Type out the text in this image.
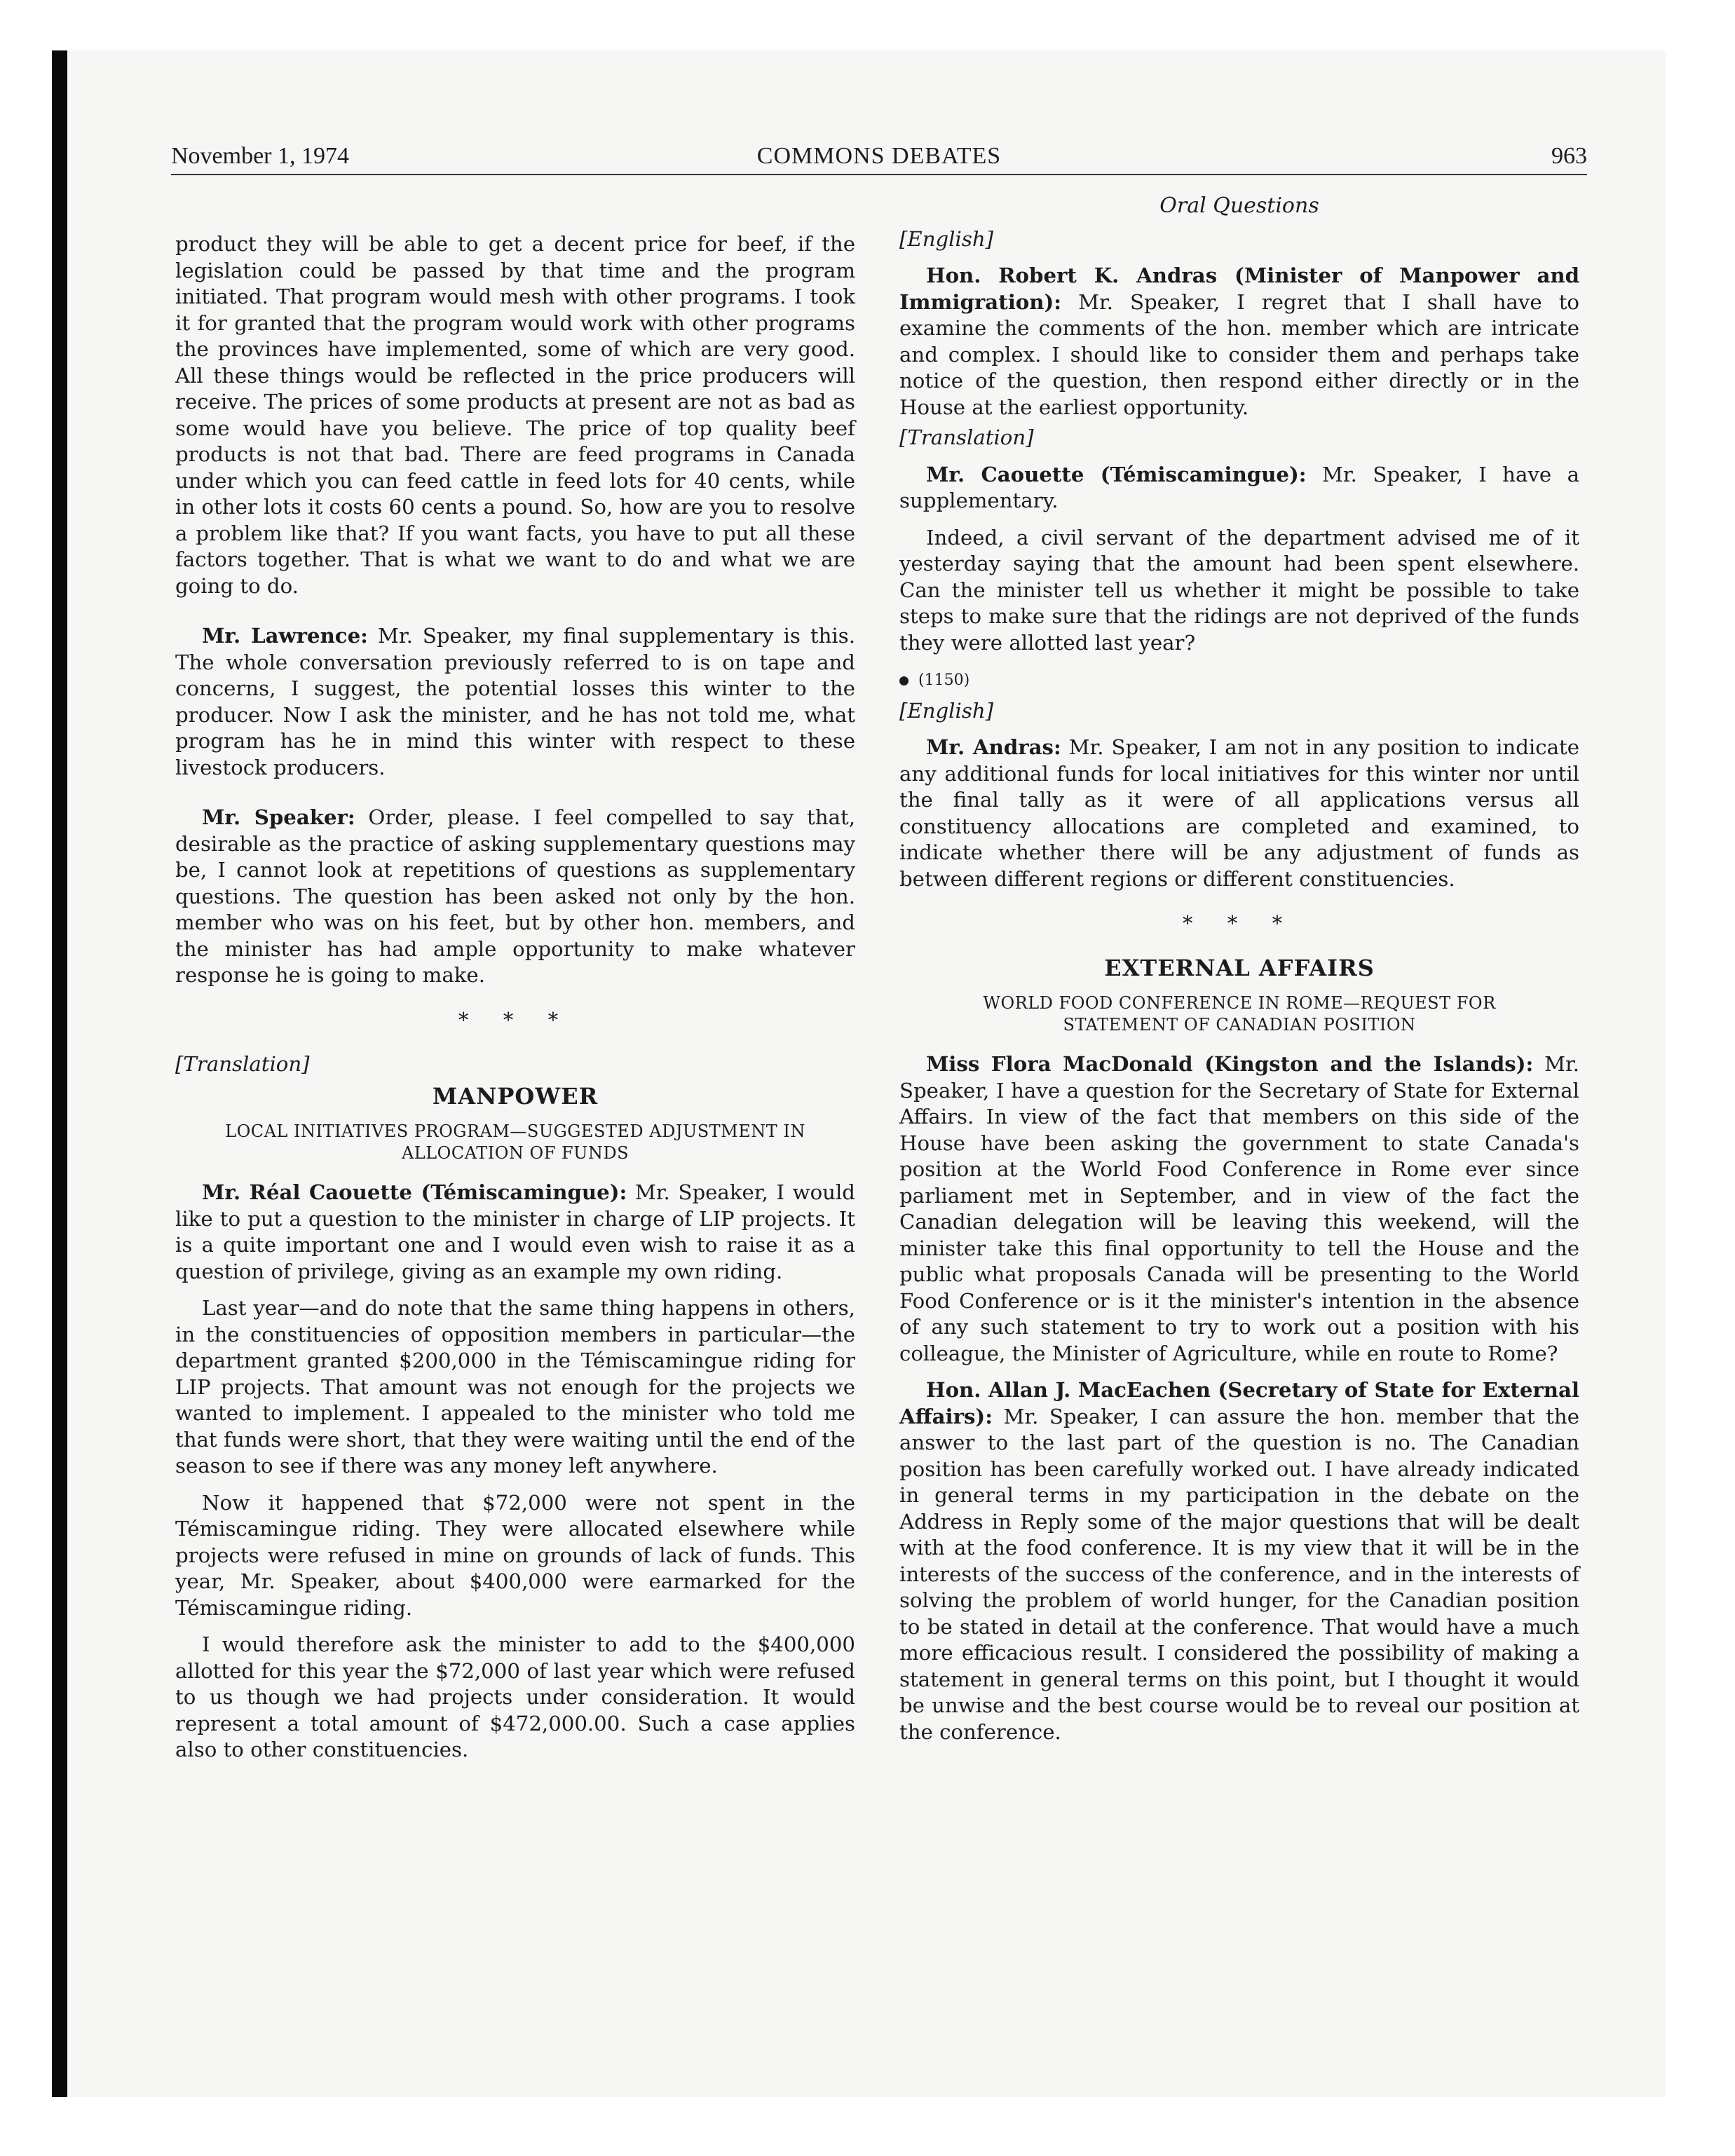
November 1, 1974	COMMONS DEBATES	963

product they will be able to get a decent price for beef, if the legislation could be passed by that time and the program initiated. That program would mesh with other programs. I took it for granted that the program would work with other programs the provinces have implemented, some of which are very good. All these things would be reflected in the price producers will receive. The prices of some products at present are not as bad as some would have you believe. The price of top quality beef products is not that bad. There are feed programs in Canada under which you can feed cattle in feed lots for 40 cents, while in other lots it costs 60 cents a pound. So, how are you to resolve a problem like that? If you want facts, you have to put all these factors together. That is what we want to do and what we are going to do.

Mr. Lawrence: Mr. Speaker, my final supplementary is this. The whole conversation previously referred to is on tape and concerns, I suggest, the potential losses this winter to the producer. Now I ask the minister, and he has not told me, what program has he in mind this winter with respect to these livestock producers.

Mr. Speaker: Order, please. I feel compelled to say that, desirable as the practice of asking supplementary questions may be, I cannot look at repetitions of questions as supplementary questions. The question has been asked not only by the hon. member who was on his feet, but by other hon. members, and the minister has had ample opportunity to make whatever response he is going to make.

* * *

[Translation]

MANPOWER

LOCAL INITIATIVES PROGRAM—SUGGESTED ADJUSTMENT IN ALLOCATION OF FUNDS

Mr. Réal Caouette (Témiscamingue): Mr. Speaker, I would like to put a question to the minister in charge of LIP projects. It is a quite important one and I would even wish to raise it as a question of privilege, giving as an example my own riding.

Last year—and do note that the same thing happens in others, in the constituencies of opposition members in particular—the department granted $200,000 in the Témiscamingue riding for LIP projects. That amount was not enough for the projects we wanted to implement. I appealed to the minister who told me that funds were short, that they were waiting until the end of the season to see if there was any money left anywhere.

Now it happened that $72,000 were not spent in the Témiscamingue riding. They were allocated elsewhere while projects were refused in mine on grounds of lack of funds. This year, Mr. Speaker, about $400,000 were earmarked for the Témiscamingue riding.

I would therefore ask the minister to add to the $400,000 allotted for this year the $72,000 of last year which were refused to us though we had projects under consideration. It would represent a total amount of $472,000.00. Such a case applies also to other constituencies.

Oral Questions

[English]

Hon. Robert K. Andras (Minister of Manpower and Immigration): Mr. Speaker, I regret that I shall have to examine the comments of the hon. member which are intricate and complex. I should like to consider them and perhaps take notice of the question, then respond either directly or in the House at the earliest opportunity.

[Translation]

Mr. Caouette (Témiscamingue): Mr. Speaker, I have a supplementary.

Indeed, a civil servant of the department advised me of it yesterday saying that the amount had been spent elsewhere. Can the minister tell us whether it might be possible to take steps to make sure that the ridings are not deprived of the funds they were allotted last year?

(1150)

[English]

Mr. Andras: Mr. Speaker, I am not in any position to indicate any additional funds for local initiatives for this winter nor until the final tally as it were of all applications versus all constituency allocations are completed and examined, to indicate whether there will be any adjustment of funds as between different regions or different constituencies.

* * *

EXTERNAL AFFAIRS

WORLD FOOD CONFERENCE IN ROME—REQUEST FOR STATEMENT OF CANADIAN POSITION

Miss Flora MacDonald (Kingston and the Islands): Mr. Speaker, I have a question for the Secretary of State for External Affairs. In view of the fact that members on this side of the House have been asking the government to state Canada's position at the World Food Conference in Rome ever since parliament met in September, and in view of the fact the Canadian delegation will be leaving this weekend, will the minister take this final opportunity to tell the House and the public what proposals Canada will be presenting to the World Food Conference or is it the minister's intention in the absence of any such statement to try to work out a position with his colleague, the Minister of Agriculture, while en route to Rome?

Hon. Allan J. MacEachen (Secretary of State for External Affairs): Mr. Speaker, I can assure the hon. member that the answer to the last part of the question is no. The Canadian position has been carefully worked out. I have already indicated in general terms in my participation in the debate on the Address in Reply some of the major questions that will be dealt with at the food conference. It is my view that it will be in the interests of the success of the conference, and in the interests of solving the problem of world hunger, for the Canadian position to be stated in detail at the conference. That would have a much more efficacious result. I considered the possibility of making a statement in general terms on this point, but I thought it would be unwise and the best course would be to reveal our position at the conference.
